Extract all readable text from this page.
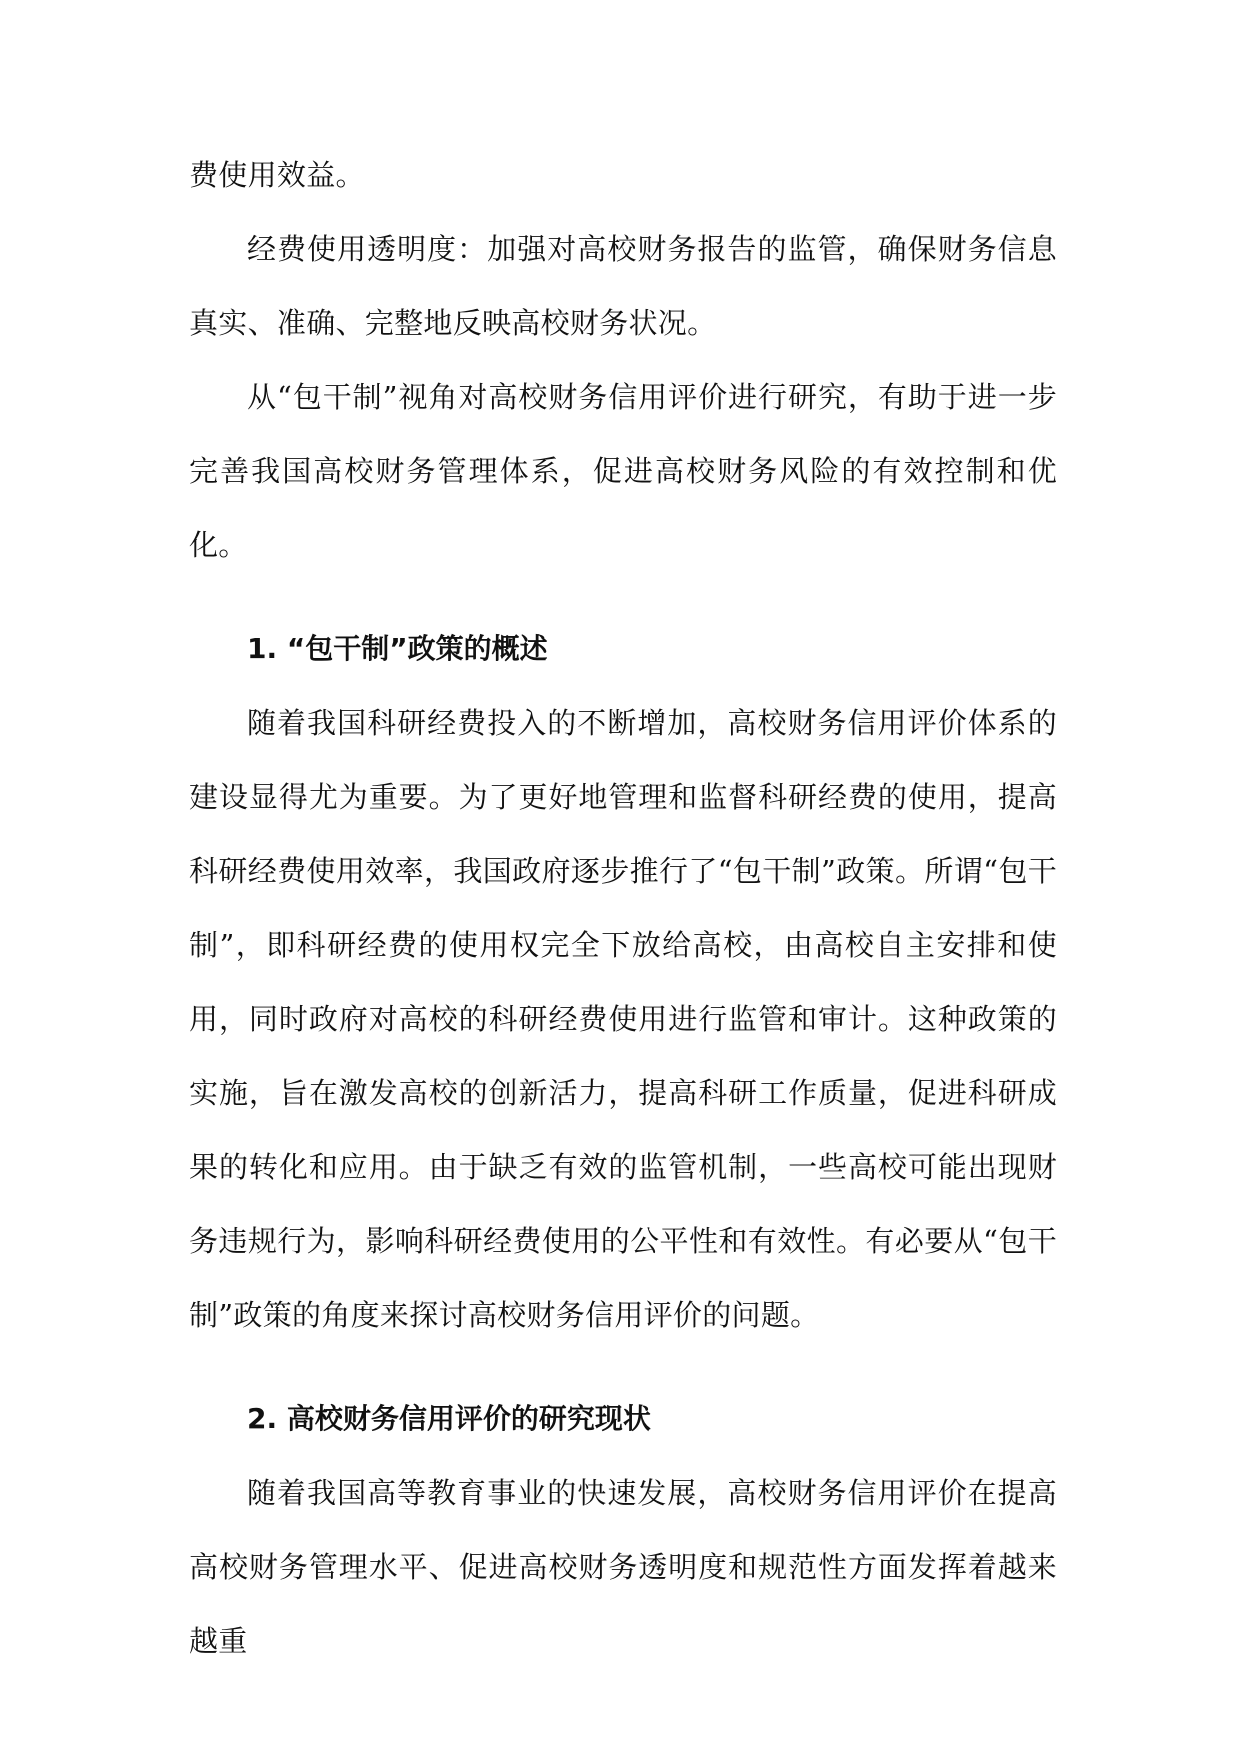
费使用效益。

经费使用透明度：加强对高校财务报告的监管，确保财务信息真实、准确、完整地反映高校财务状况。

从“包干制”视角对高校财务信用评价进行研究，有助于进一步完善我国高校财务管理体系，促进高校财务风险的有效控制和优化。

1. “包干制”政策的概述

随着我国科研经费投入的不断增加，高校财务信用评价体系的建设显得尤为重要。为了更好地管理和监督科研经费的使用，提高科研经费使用效率，我国政府逐步推行了“包干制”政策。所谓“包干制”，即科研经费的使用权完全下放给高校，由高校自主安排和使用，同时政府对高校的科研经费使用进行监管和审计。这种政策的实施，旨在激发高校的创新活力，提高科研工作质量，促进科研成果的转化和应用。由于缺乏有效的监管机制，一些高校可能出现财务违规行为，影响科研经费使用的公平性和有效性。有必要从“包干制”政策的角度来探讨高校财务信用评价的问题。

2. 高校财务信用评价的研究现状

随着我国高等教育事业的快速发展，高校财务信用评价在提高高校财务管理水平、促进高校财务透明度和规范性方面发挥着越来越重
